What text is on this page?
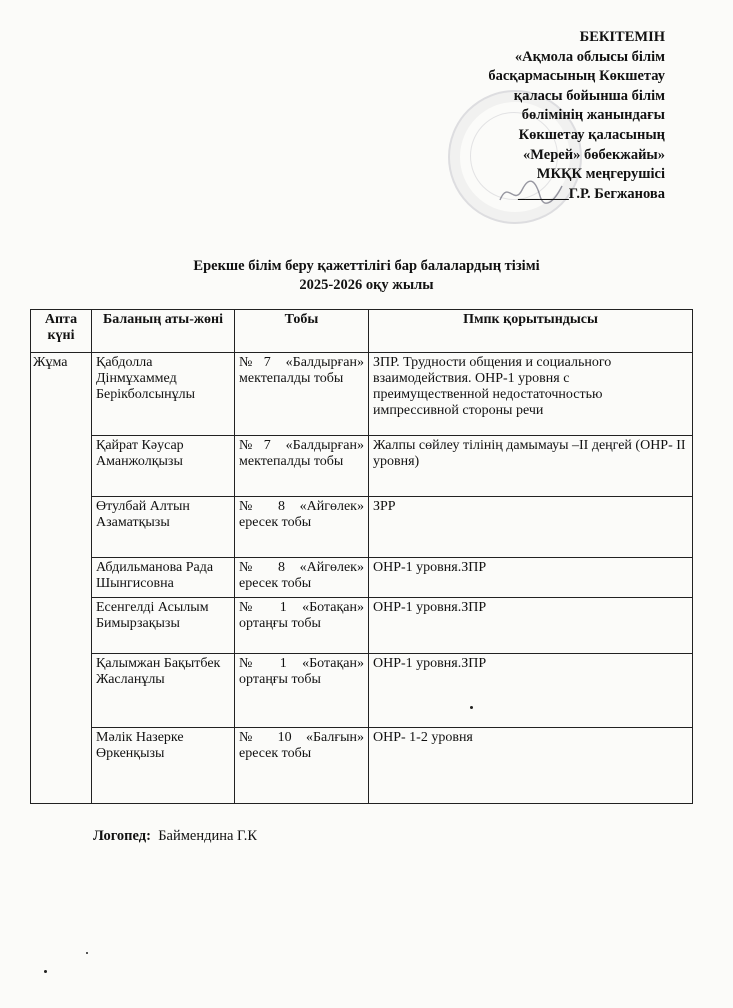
БЕКІТЕМІН
«Ақмола облысы білім
басқармасының Көкшетау
қаласы бойынша білім
бөлімінің жанындағы
Көкшетау қаласының
«Мерей» бөбекжайы»
МКҚК меңгерушісі
_______Г.Р. Бегжанова
Ерекше білім беру қажеттілігі бар балалардың тізімі
2025-2026 оқу жылы
Апта күні	Баланың аты-жөні	Тобы	Пмпк қорытындысы
Жұма	Қабдолла Дінмұхаммед Берікболсынұлы	№7 «Балдырған» мектепалды тобы	ЗПР. Трудности общения и социального взаимодействия. ОНР-1 уровня с преимущественной недостаточностью импрессивной стороны речи
	Қайрат Кәусар Аманжолқызы	№7 «Балдырған» мектепалды тобы	Жалпы сөйлеу тілінің дамымауы –II деңгей (ОНР- II уровня)
	Өтулбай Алтын Азаматқызы	№ 8 «Айгөлек» ересек тобы	ЗРР
	Абдильманова Рада Шынгисовна	№ 8 «Айгөлек» ересек тобы	ОНР-1 уровня.ЗПР
	Есенгелді Асылым Бимырзақызы	№ 1 «Ботақан» ортаңғы тобы	ОНР-1 уровня.ЗПР
	Қалымжан Бақытбек Жасланұлы	№ 1 «Ботақан» ортаңғы тобы	ОНР-1 уровня.ЗПР
	Мәлік Назерке Өркенқызы	№ 10 «Балғын» ересек тобы	ОНР- 1-2 уровня
Логопед: Баймендина Г.К
